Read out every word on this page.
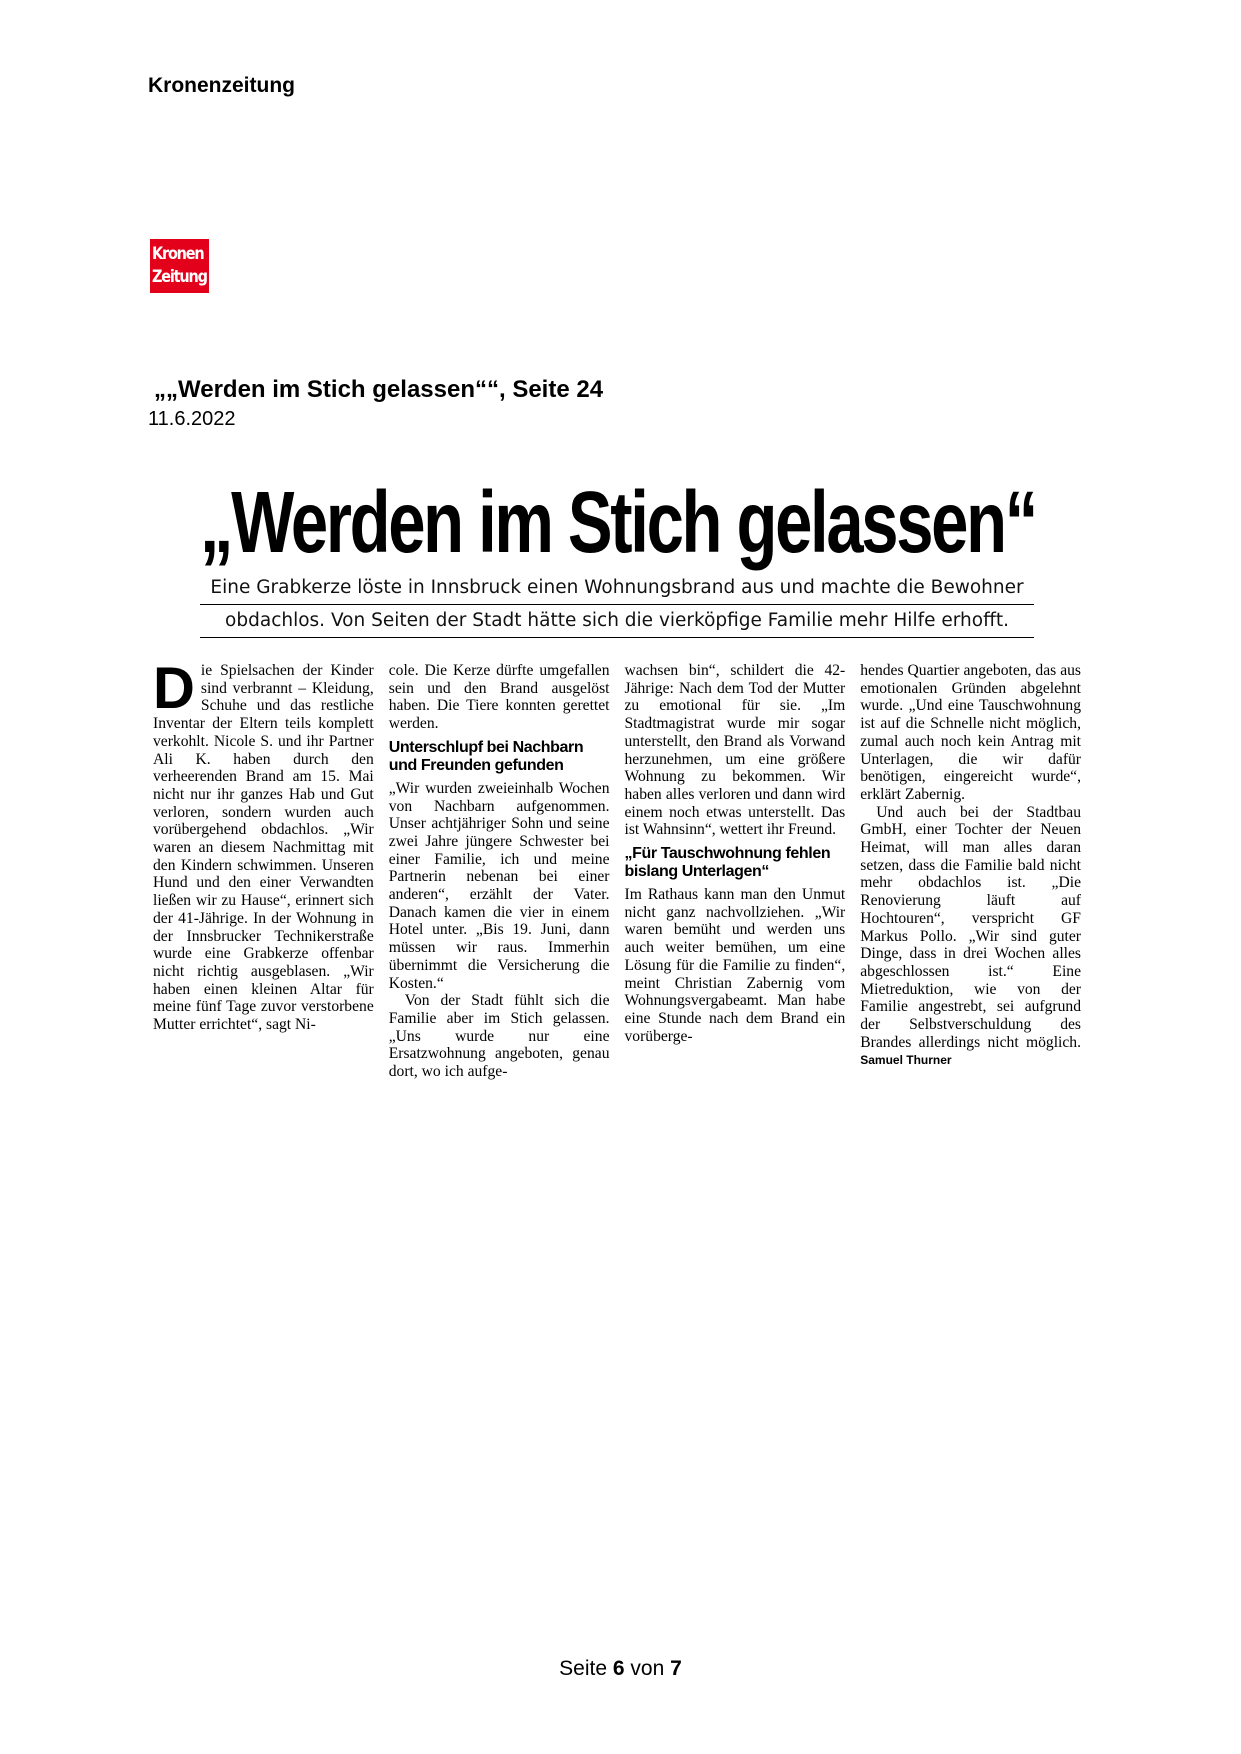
Kronenzeitung
Kronen
Zeitung
„„Werden im Stich gelassen““, Seite 24
11.6.2022
„Werden im Stich gelassen“
Eine Grabkerze löste in Innsbruck einen Wohnungsbrand aus und machte die Bewohner
obdachlos. Von Seiten der Stadt hätte sich die vierköpfige Familie mehr Hilfe erhofft.

D ie Spielsachen der Kinder sind verbrannt – Kleidung, Schuhe und das restliche Inventar der Eltern teils komplett verkohlt. Nicole S. und ihr Partner Ali K. haben durch den verheerenden Brand am 15. Mai nicht nur ihr ganzes Hab und Gut verloren, sondern wurden auch vorübergehend obdachlos. „Wir waren an diesem Nachmittag mit den Kindern schwimmen. Unseren Hund und den einer Verwandten ließen wir zu Hause“, erinnert sich der 41-Jährige. In der Wohnung in der Innsbrucker Technikerstraße wurde eine Grabkerze offenbar nicht richtig ausgeblasen. „Wir haben einen kleinen Altar für meine fünf Tage zuvor verstorbene Mutter errichtet“, sagt Ni-

cole. Die Kerze dürfte umgefallen sein und den Brand ausgelöst haben. Die Tiere konnten gerettet werden.

Unterschlupf bei Nachbarn und Freunden gefunden

„Wir wurden zweieinhalb Wochen von Nachbarn aufgenommen. Unser achtjähriger Sohn und seine zwei Jahre jüngere Schwester bei einer Familie, ich und meine Partnerin nebenan bei einer anderen“, erzählt der Vater. Danach kamen die vier in einem Hotel unter. „Bis 19. Juni, dann müssen wir raus. Immerhin übernimmt die Versicherung die Kosten.“

Von der Stadt fühlt sich die Familie aber im Stich gelassen. „Uns wurde nur eine Ersatzwohnung angeboten, genau dort, wo ich aufge-

wachsen bin“, schildert die 42-Jährige: Nach dem Tod der Mutter zu emotional für sie. „Im Stadtmagistrat wurde mir sogar unterstellt, den Brand als Vorwand herzunehmen, um eine größere Wohnung zu bekommen. Wir haben alles verloren und dann wird einem noch etwas unterstellt. Das ist Wahnsinn“, wettert ihr Freund.

„Für Tauschwohnung fehlen bislang Unterlagen“

Im Rathaus kann man den Unmut nicht ganz nachvollziehen. „Wir waren bemüht und werden uns auch weiter bemühen, um eine Lösung für die Familie zu finden“, meint Christian Zabernig vom Wohnungsvergabeamt. Man habe eine Stunde nach dem Brand ein vorüberge-

hendes Quartier angeboten, das aus emotionalen Gründen abgelehnt wurde. „Und eine Tauschwohnung ist auf die Schnelle nicht möglich, zumal auch noch kein Antrag mit Unterlagen, die wir dafür benötigen, eingereicht wurde“, erklärt Zabernig.

Und auch bei der Stadtbau GmbH, einer Tochter der Neuen Heimat, will man alles daran setzen, dass die Familie bald nicht mehr obdachlos ist. „Die Renovierung läuft auf Hochtouren“, verspricht GF Markus Pollo. „Wir sind guter Dinge, dass in drei Wochen alles abgeschlossen ist.“ Eine Mietreduktion, wie von der Familie angestrebt, sei aufgrund der Selbstverschuldung des Brandes allerdings nicht möglich. Samuel Thurner

Seite 6 von 7
